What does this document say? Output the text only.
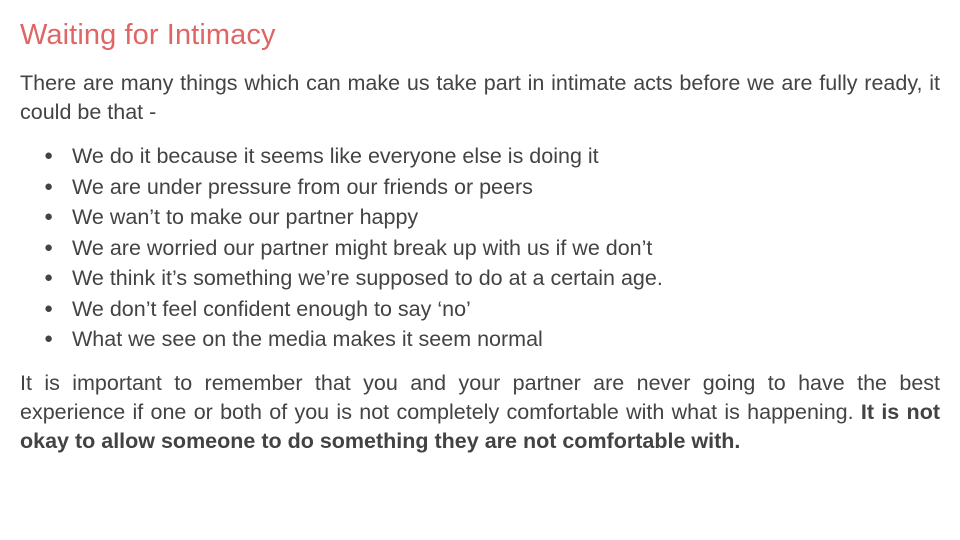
Waiting for Intimacy

There are many things which can make us take part in intimate acts before we are fully ready, it could be that -

● We do it because it seems like everyone else is doing it
● We are under pressure from our friends or peers
● We wan’t to make our partner happy
● We are worried our partner might break up with us if we don’t
● We think it’s something we’re supposed to do at a certain age.
● We don’t feel confident enough to say ‘no’
● What we see on the media makes it seem normal

It is important to remember that you and your partner are never going to have the best experience if one or both of you is not completely comfortable with what is happening. It is not okay to allow someone to do something they are not comfortable with.
